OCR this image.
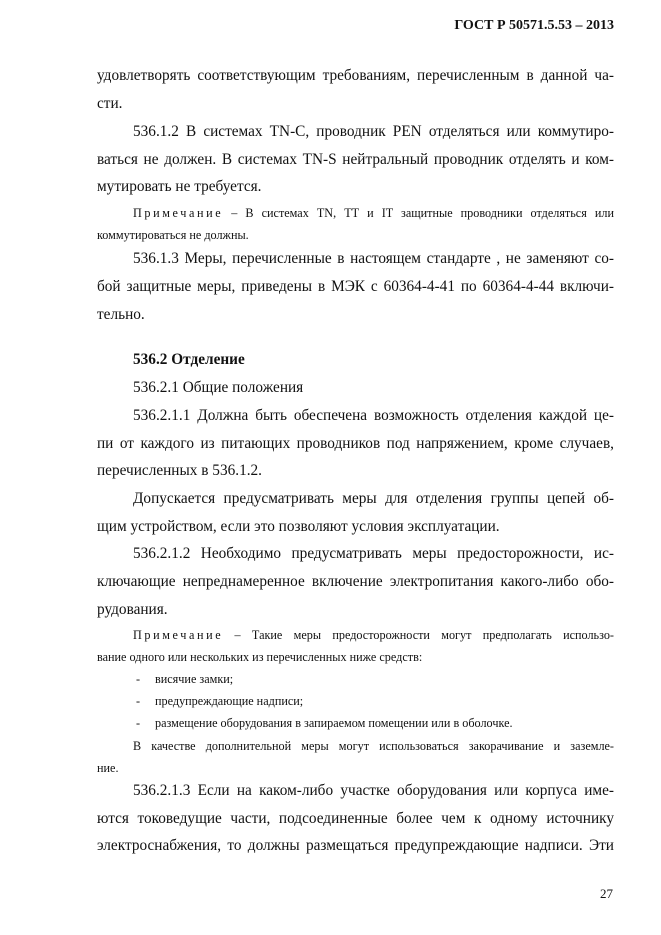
ГОСТ Р 50571.5.53 – 2013

удовлетворять соответствующим требованиям, перечисленным в данной ча-

сти.

536.1.2 В системах TN-C, проводник PEN отделяться или коммутиро-

ваться не должен. В системах TN-S нейтральный проводник отделять и ком-

мутировать не требуется.

Примечание – В системах TN, ТТ и IT защитные проводники отделяться или

коммутироваться не должны.

536.1.3 Меры, перечисленные в настоящем стандарте , не заменяют со-

бой защитные меры, приведены в МЭК с 60364-4-41 по 60364-4-44 включи-

тельно.

536.2 Отделение

536.2.1 Общие положения

536.2.1.1 Должна быть обеспечена возможность отделения каждой це-

пи от каждого из питающих проводников под напряжением, кроме случаев,

перечисленных в 536.1.2.

Допускается предусматривать меры для отделения группы цепей об-

щим устройством, если это позволяют условия эксплуатации.

536.2.1.2 Необходимо предусматривать меры предосторожности, ис-

ключающие непреднамеренное включение электропитания какого-либо обо-

рудования.

Примечание – Такие меры предосторожности могут предполагать использо-

вание одного или нескольких из перечисленных ниже средств:

- висячие замки;

- предупреждающие надписи;

- размещение оборудования в запираемом помещении или в оболочке.

В качестве дополнительной меры могут использоваться закорачивание и заземле-

ние.

536.2.1.3 Если на каком-либо участке оборудования или корпуса име-

ются токоведущие части, подсоединенные более чем к одному источнику

электроснабжения, то должны размещаться предупреждающие надписи. Эти

27
